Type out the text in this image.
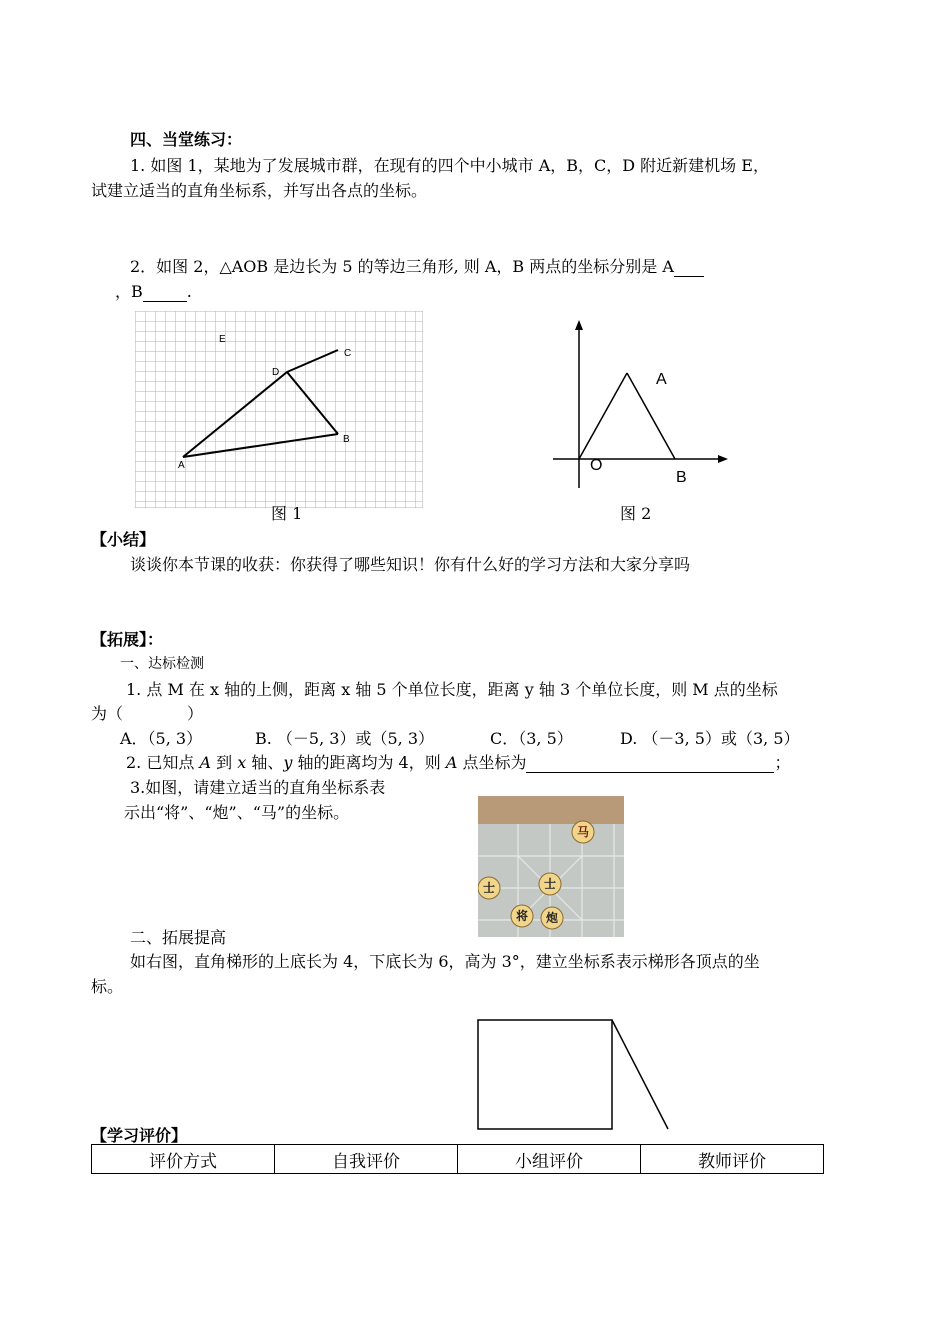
四、当堂练习：
1. 如图 1，某地为了发展城市群，在现有的四个中小城市 A，B，C，D 附近新建机场 E，
试建立适当的直角坐标系，并写出各点的坐标。
2．如图 2，△AOB 是边长为 5 的等边三角形, 则 A，B 两点的坐标分别是 A
，B	.
A
B
C
D
E
图 1
A
O
B
图 2
【小结】
谈谈你本节课的收获：你获得了哪些知识！你有什么好的学习方法和大家分享吗
【拓展】：
一、达标检测
1. 点 M 在 x 轴的上侧，距离 x 轴 5 个单位长度，距离 y 轴 3 个单位长度，则 M 点的坐标
为（　　　　）
A．（5, 3）	B. （－5, 3）或（5, 3）	C．（3, 5）	D. （－3, 5）或（3, 5）
2. 已知点 A 到 x 轴、y 轴的距离均为 4，则 A 点坐标为	；
3.如图，请建立适当的直角坐标系表
示出“将”、“炮”、“马”的坐标。
马
士	士
将 炮
二、拓展提高
如右图，直角梯形的上底长为 4，下底长为 6，高为 3°，建立坐标系表示梯形各顶点的坐
标。
【学习评价】
评价方式	自我评价	小组评价	教师评价
